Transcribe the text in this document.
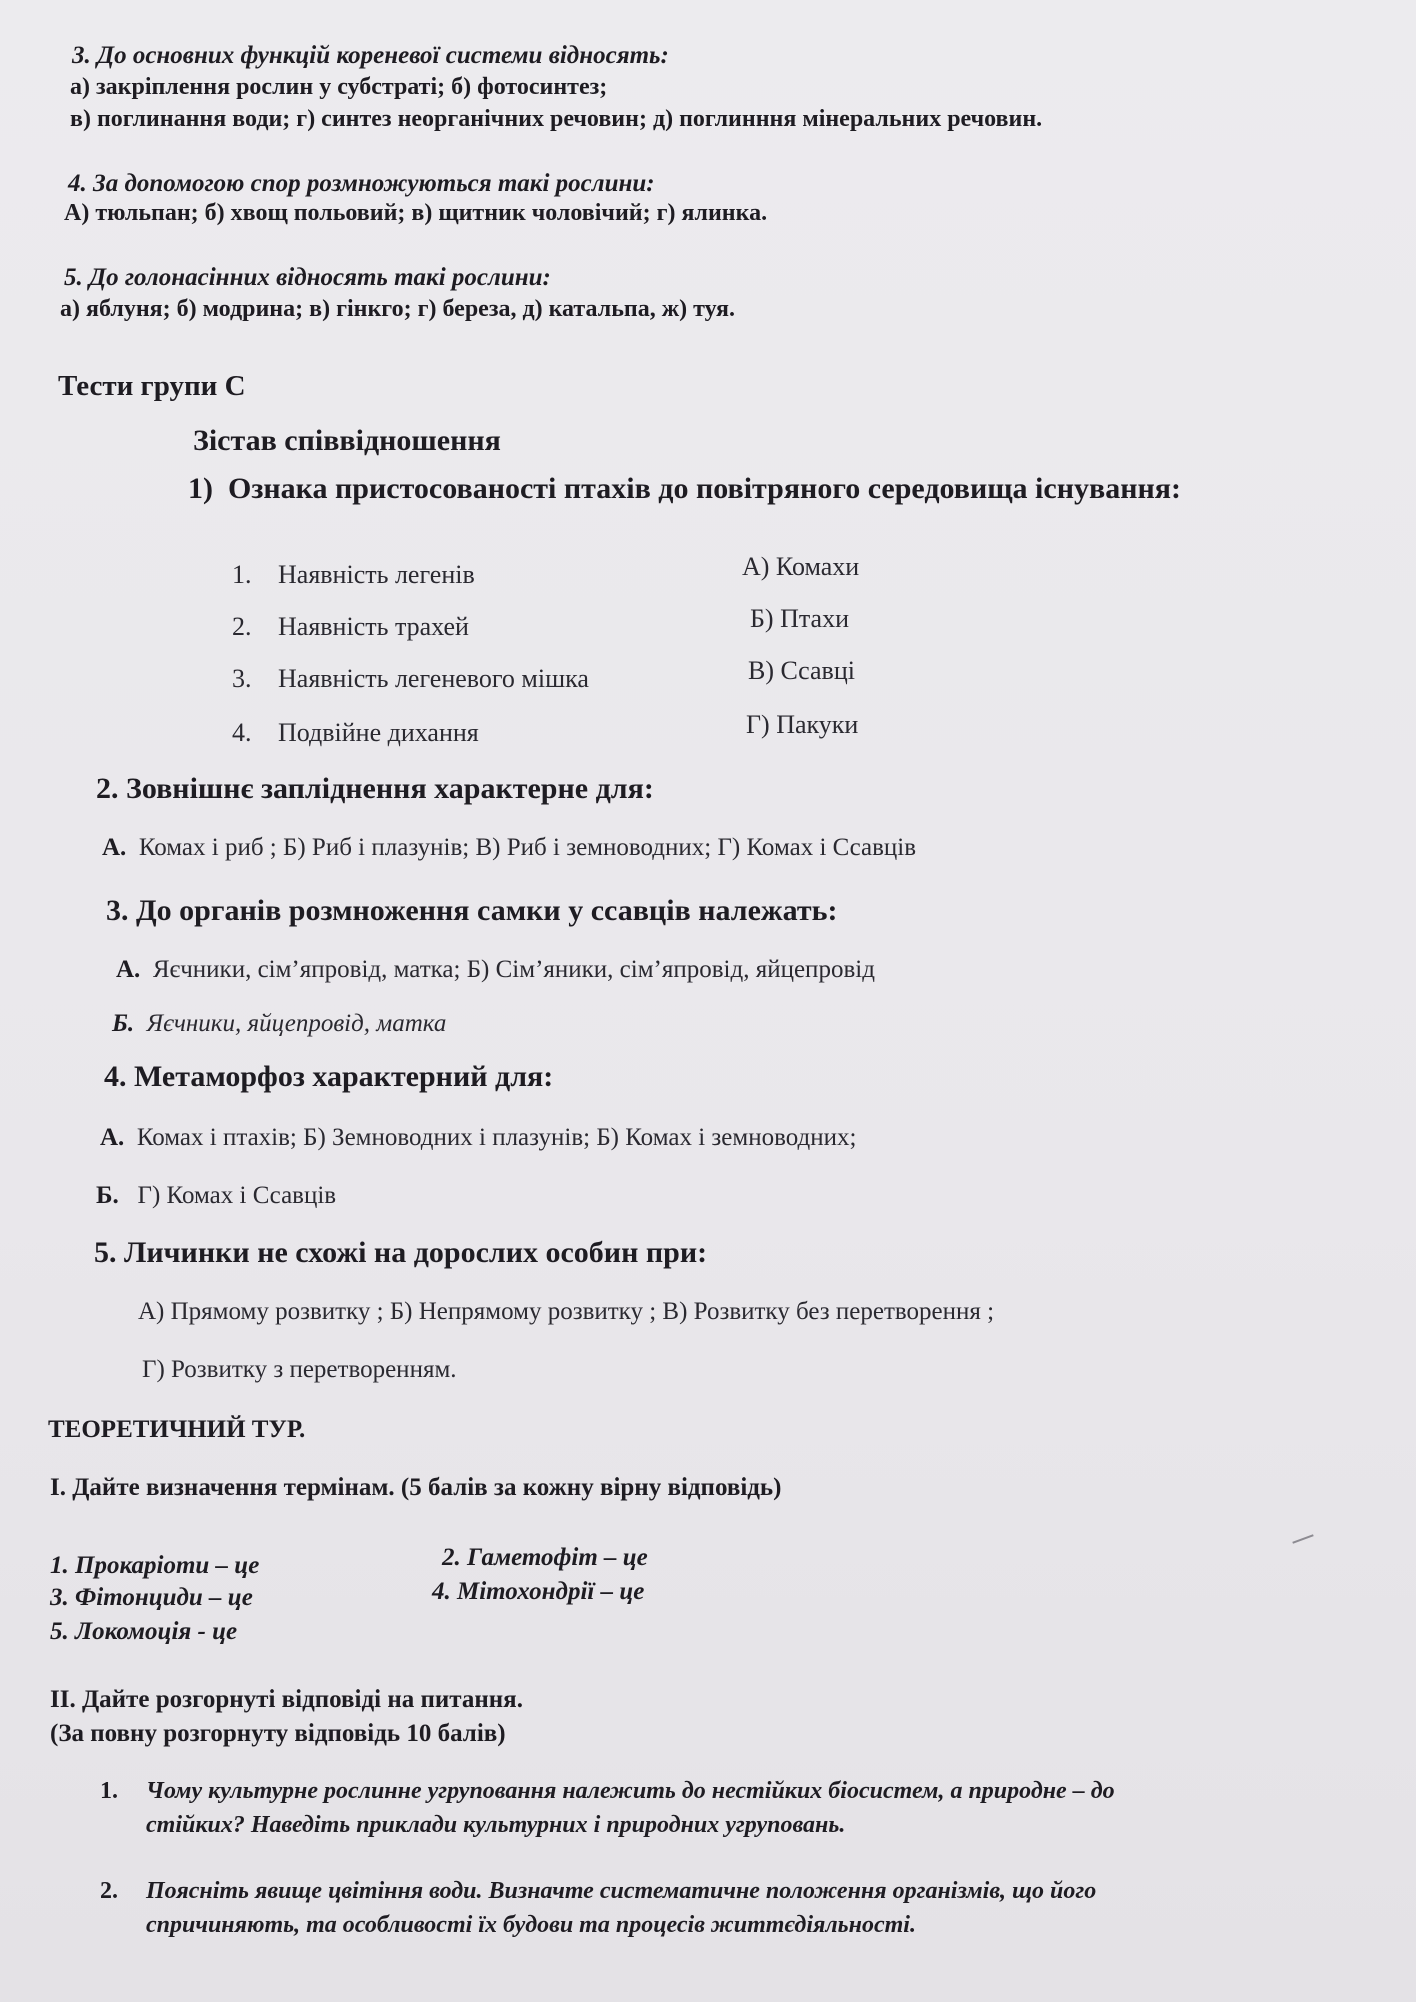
3. До основних функцій кореневої системи відносять:
а) закріплення рослин у субстраті; б) фотосинтез;
в) поглинання води; г) синтез неорганічних речовин; д) поглинння мінеральних речовин.
4. За допомогою спор розмножуються такі рослини:
А) тюльпан; б) хвощ польовий; в) щитник чоловічий; г) ялинка.
5. До голонасінних відносять такі рослини:
а) яблуня; б) модрина; в) гінкго; г) береза, д) катальпа, ж) туя.
Тести групи С
Зістав співвідношення
1) Ознака пристосованості птахів до повітряного середовища існування:
1. Наявність легенів
2. Наявність трахей
3. Наявність легеневого мішка
4. Подвійне дихання
А) Комахи
Б) Птахи
В) Ссавці
Г) Пакуки
2. Зовнішнє запліднення характерне для:
А. Комах і риб ; Б) Риб і плазунів; В) Риб і земноводних; Г) Комах і Ссавців
3. До органів розмноження самки у ссавців належать:
А. Яєчники, сім’япровід, матка; Б) Сім’яники, сім’япровід, яйцепровід
Б. Яєчники, яйцепровід, матка
4. Метаморфоз характерний для:
А. Комах і птахів; Б) Земноводних і плазунів; Б) Комах і земноводних;
Б. Г) Комах і Ссавців
5. Личинки не схожі на дорослих особин при:
А) Прямому розвитку ; Б) Непрямому розвитку ; В) Розвитку без перетворення ;
Г) Розвитку з перетворенням.
ТЕОРЕТИЧНИЙ ТУР.
І. Дайте визначення термінам. (5 балів за кожну вірну відповідь)
1. Прокаріоти – це	2. Гаметофіт – це
3. Фітонциди – це	4. Мітохондрії – це
5. Локомоція - це
ІІ. Дайте розгорнуті відповіді на питання.
(За повну розгорнуту відповідь 10 балів)
1. Чому культурне рослинне угруповання належить до нестійких біосистем, а природне – до
стійких? Наведіть приклади культурних і природних угруповань.
2. Поясніть явище цвітіння води. Визначте систематичне положення організмів, що його
спричиняють, та особливості їх будови та процесів життєдіяльності.
